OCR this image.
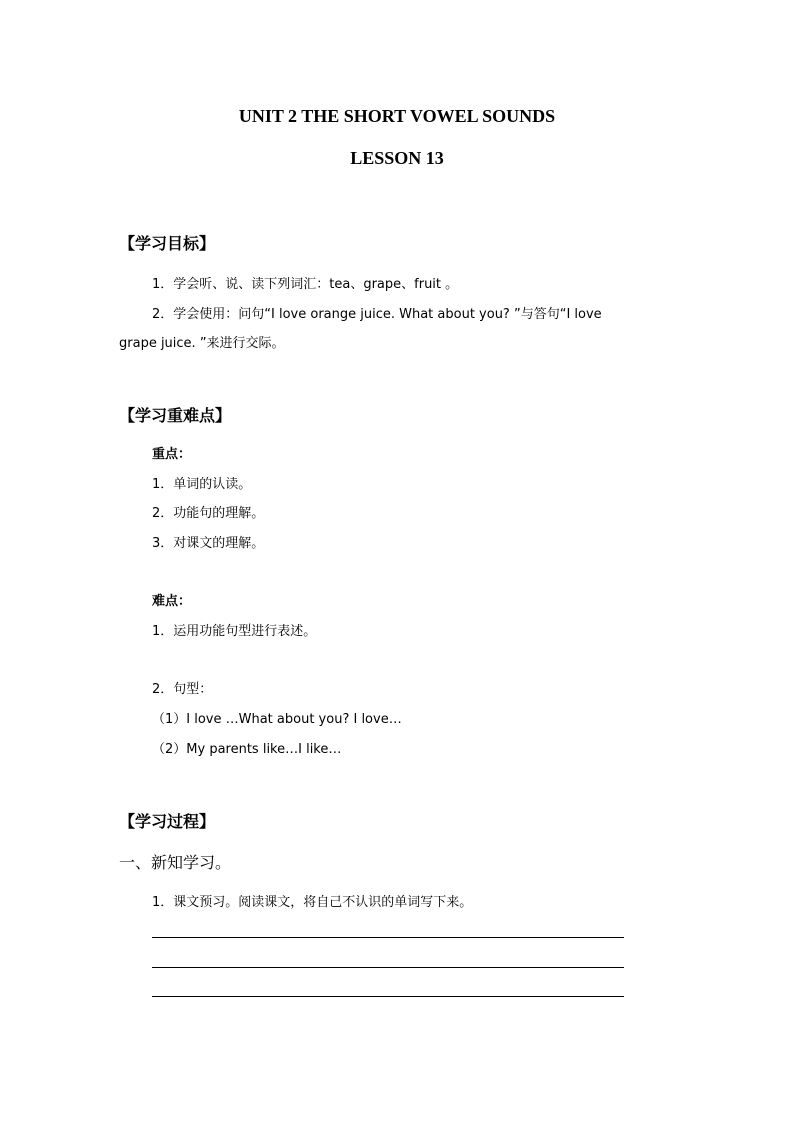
UNIT 2 THE SHORT VOWEL SOUNDS
LESSON 13
【学习目标】
1．学会听、说、读下列词汇：tea、grape、fruit 。
2．学会使用：问句“I love orange juice. What about you? ”与答句“I love
grape juice. ”来进行交际。
【学习重难点】
重点：
1．单词的认读。
2．功能句的理解。
3．对课文的理解。
难点：
1．运用功能句型进行表述。
2．句型：
（1）I love …What about you? I love…
（2）My parents like…I like…
【学习过程】
一、新知学习。
1．课文预习。阅读课文，将自己不认识的单词写下来。
